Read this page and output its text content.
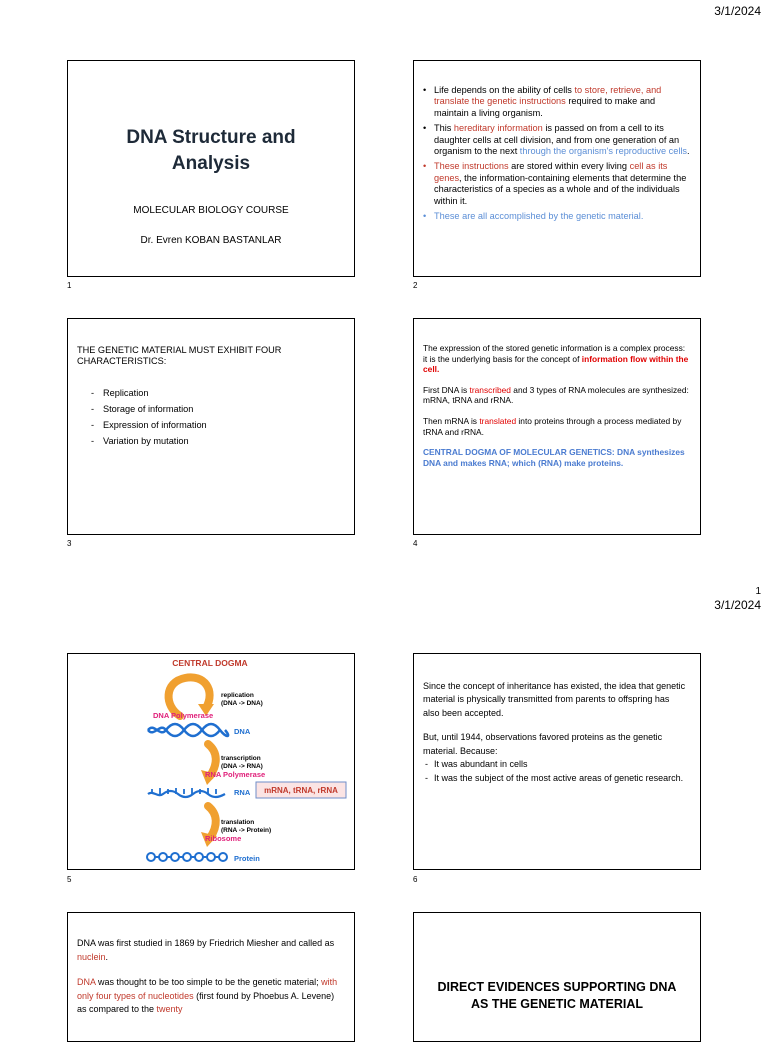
3/1/2024
DNA Structure and
Analysis
MOLECULAR BIOLOGY COURSE
Dr. Evren KOBAN BASTANLAR
1
• Life depends on the ability of cells to store, retrieve, and translate the genetic instructions required to make and maintain a living organism.
• This hereditary information is passed on from a cell to its daughter cells at cell division, and from one generation of an organism to the next through the organism's reproductive cells.
• These instructions are stored within every living cell as its genes, the information-containing elements that determine the characteristics of a species as a whole and of the individuals within it.
• These are all accomplished by the genetic material.
2
THE GENETIC MATERIAL MUST EXHIBIT FOUR CHARACTERISTICS:
- Replication
- Storage of information
- Expression of information
- Variation by mutation
3
The expression of the stored genetic information is a complex process: it is the underlying basis for the concept of information flow within the cell.
First DNA is transcribed and 3 types of RNA molecules are synthesized: mRNA, tRNA and rRNA.
Then mRNA is translated into proteins through a process mediated by tRNA and rRNA.
CENTRAL DOGMA OF MOLECULAR GENETICS: DNA synthesizes DNA and makes RNA; which (RNA) make proteins.
4
1
3/1/2024
CENTRAL DOGMA
replication
(DNA -> DNA)
DNA Polymerase
DNA
transcription
(DNA -> RNA)
RNA Polymerase
RNA mRNA, tRNA, rRNA
translation
(RNA -> Protein)
Ribosome
Protein
5
Since the concept of inheritance has existed, the idea that genetic material is physically transmitted from parents to offspring has also been accepted.
But, until 1944, observations favored proteins as the genetic material. Because:
- It was abundant in cells
- It was the subject of the most active areas of genetic research.
6
DNA was first studied in 1869 by Friedrich Miesher and called as nuclein.
DNA was thought to be too simple to be the genetic material; with only four types of nucleotides (first found by Phoebus A. Levene) as compared to the twenty
DIRECT EVIDENCES SUPPORTING DNA AS THE GENETIC MATERIAL
